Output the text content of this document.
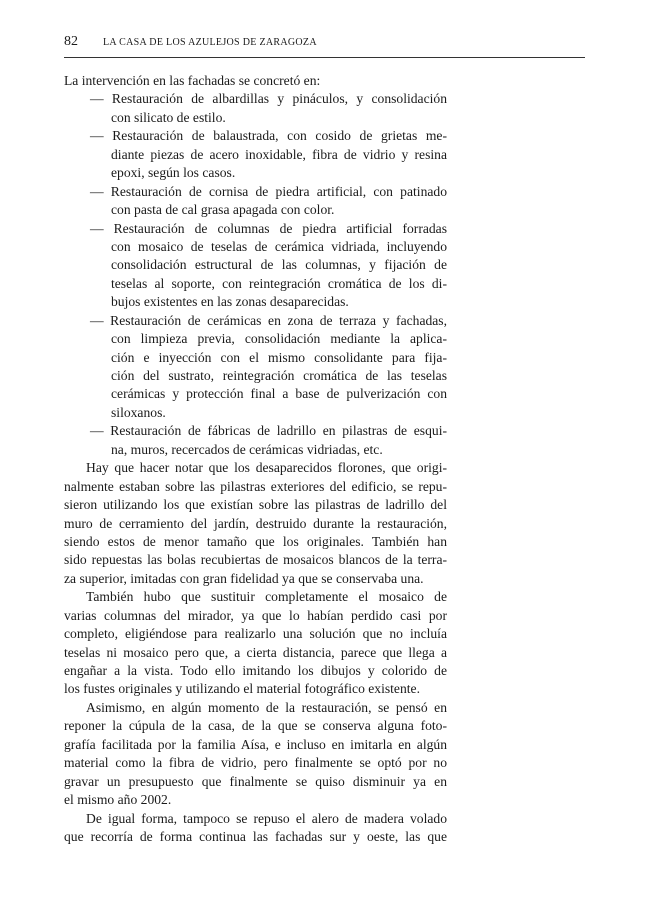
82	LA CASA DE LOS AZULEJOS DE ZARAGOZA
La intervención en las fachadas se concretó en:
— Restauración de albardillas y pináculos, y consolidación
con silicato de estilo.
— Restauración de balaustrada, con cosido de grietas me-
diante piezas de acero inoxidable, fibra de vidrio y resina
epoxi, según los casos.
— Restauración de cornisa de piedra artificial, con patinado
con pasta de cal grasa apagada con color.
— Restauración de columnas de piedra artificial forradas
con mosaico de teselas de cerámica vidriada, incluyendo
consolidación estructural de las columnas, y fijación de
teselas al soporte, con reintegración cromática de los di-
bujos existentes en las zonas desaparecidas.
— Restauración de cerámicas en zona de terraza y fachadas,
con limpieza previa, consolidación mediante la aplica-
ción e inyección con el mismo consolidante para fija-
ción del sustrato, reintegración cromática de las teselas
cerámicas y protección final a base de pulverización con
siloxanos.
— Restauración de fábricas de ladrillo en pilastras de esqui-
na, muros, recercados de cerámicas vidriadas, etc.
Hay que hacer notar que los desaparecidos florones, que origi-
nalmente estaban sobre las pilastras exteriores del edificio, se repu-
sieron utilizando los que existían sobre las pilastras de ladrillo del
muro de cerramiento del jardín, destruido durante la restauración,
siendo estos de menor tamaño que los originales. También han
sido repuestas las bolas recubiertas de mosaicos blancos de la terra-
za superior, imitadas con gran fidelidad ya que se conservaba una.
También hubo que sustituir completamente el mosaico de
varias columnas del mirador, ya que lo habían perdido casi por
completo, eligiéndose para realizarlo una solución que no incluía
teselas ni mosaico pero que, a cierta distancia, parece que llega a
engañar a la vista. Todo ello imitando los dibujos y colorido de
los fustes originales y utilizando el material fotográfico existente.
Asimismo, en algún momento de la restauración, se pensó en
reponer la cúpula de la casa, de la que se conserva alguna foto-
grafía facilitada por la familia Aísa, e incluso en imitarla en algún
material como la fibra de vidrio, pero finalmente se optó por no
gravar un presupuesto que finalmente se quiso disminuir ya en
el mismo año 2002.
De igual forma, tampoco se repuso el alero de madera volado
que recorría de forma continua las fachadas sur y oeste, las que
